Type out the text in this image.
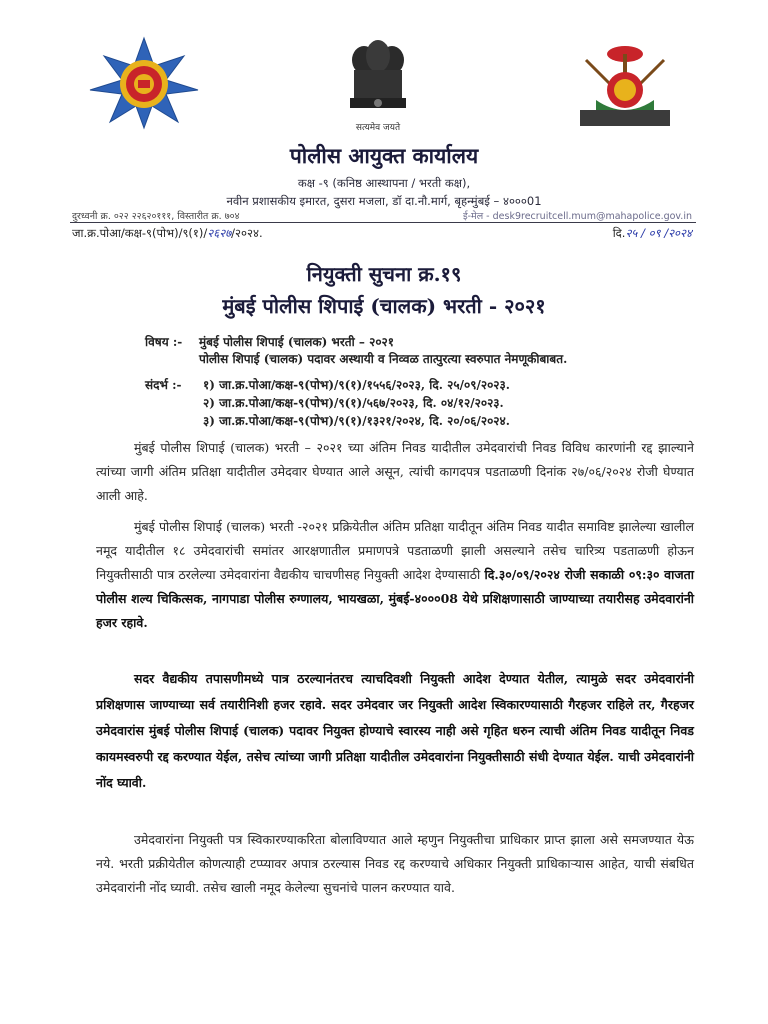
सत्यमेव जयते
पोलीस आयुक्त कार्यालय
कक्ष -९ (कनिष्ठ आस्थापना / भरती कक्ष),
नवीन प्रशासकीय इमारत, दुसरा मजला, डॉ दा.नौ.मार्ग, बृहन्मुंबई – ४०००01
दुरध्वनी क्र. ०२२ २२६२०१११, विस्तारीत क्र. ७०४	ई-मेल - desk9recruitcell.mum@mahapolice.gov.in
जा.क्र.पोआ/कक्ष-९(पोभ)/९(१)/२६२७/२०२४.	दि.२५ / ०९ /२०२४
नियुक्ती सुचना क्र.१९
मुंबई पोलीस शिपाई (चालक) भरती - २०२१
विषय :- मुंबई पोलीस शिपाई (चालक) भरती – २०२१
पोलीस शिपाई (चालक) पदावर अस्थायी व निव्वळ तात्पुरत्या स्वरुपात नेमणूकीबाबत.
संदर्भ :- १) जा.क्र.पोआ/कक्ष-९(पोभ)/९(१)/१५५६/२०२३, दि. २५/०९/२०२३.
२) जा.क्र.पोआ/कक्ष-९(पोभ)/९(१)/५६७/२०२३, दि. ०४/१२/२०२३.
३) जा.क्र.पोआ/कक्ष-९(पोभ)/९(१)/१३२१/२०२४, दि. २०/०६/२०२४.
मुंबई पोलीस शिपाई (चालक) भरती – २०२१ च्या अंतिम निवड यादीतील उमेदवारांची निवड विविध कारणांनी रद्द झाल्याने त्यांच्या जागी अंतिम प्रतिक्षा यादीतील उमेदवार घेण्यात आले असून, त्यांची कागदपत्र पडताळणी दिनांक २७/०६/२०२४ रोजी घेण्यात आली आहे.
मुंबई पोलीस शिपाई (चालक) भरती -२०२१ प्रक्रियेतील अंतिम प्रतिक्षा यादीतून अंतिम निवड यादीत समाविष्ट झालेल्या खालील नमूद यादीतील १८ उमेदवारांची समांतर आरक्षणातील प्रमाणपत्रे पडताळणी झाली असल्याने तसेच चारित्र्य पडताळणी होऊन नियुक्तीसाठी पात्र ठरलेल्या उमेदवारांना वैद्यकीय चाचणीसह नियुक्ती आदेश देण्यासाठी दि.३०/०९/२०२४ रोजी सकाळी ०९:३० वाजता पोलीस शल्य चिकित्सक, नागपाडा पोलीस रुग्णालय, भायखळा, मुंबई-४०००08 येथे प्रशिक्षणासाठी जाण्याच्या तयारीसह उमेदवारांनी हजर रहावे.
सदर वैद्यकीय तपासणीमध्ये पात्र ठरल्यानंतरच त्याचदिवशी नियुक्ती आदेश देण्यात येतील, त्यामुळे सदर उमेदवारांनी प्रशिक्षणास जाण्याच्या सर्व तयारीनिशी हजर रहावे. सदर उमेदवार जर नियुक्ती आदेश स्विकारण्यासाठी गैरहजर राहिले तर, गैरहजर उमेदवारांस मुंबई पोलीस शिपाई (चालक) पदावर नियुक्त होण्याचे स्वारस्य नाही असे गृहित धरुन त्याची अंतिम निवड यादीतून निवड कायमस्वरुपी रद्द करण्यात येईल, तसेच त्यांच्या जागी प्रतिक्षा यादीतील उमेदवारांना नियुक्तीसाठी संधी देण्यात येईल. याची उमेदवारांनी नोंद घ्यावी.
उमेदवारांना नियुक्ती पत्र स्विकारण्याकरिता बोलाविण्यात आले म्हणुन नियुक्तीचा प्राधिकार प्राप्त झाला असे समजण्यात येऊ नये. भरती प्रक्रीयेतील कोणत्याही टप्प्यावर अपात्र ठरल्यास निवड रद्द करण्याचे अधिकार नियुक्ती प्राधिकाऱ्यास आहेत, याची संबधित उमेदवारांनी नोंद घ्यावी. तसेच खाली नमूद केलेल्या सुचनांचे पालन करण्यात यावे.
